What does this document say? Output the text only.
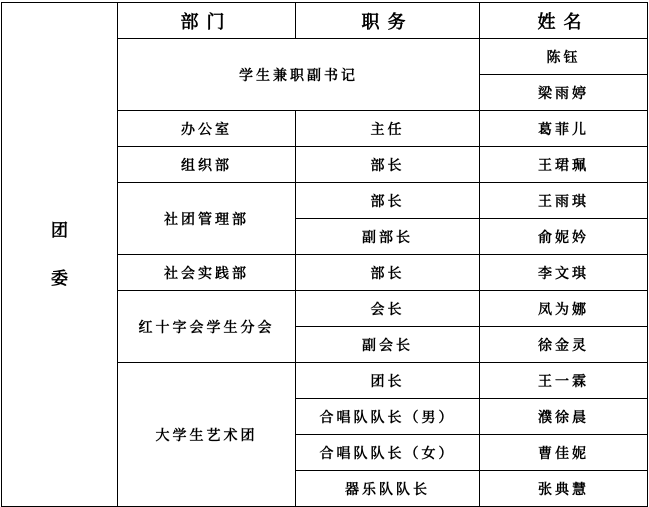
团委	部门	职务	姓名
	学生兼职副书记		陈钰
			梁雨婷
	办公室	主任	葛菲儿
	组织部	部长	王珺珮
	社团管理部	部长	王雨琪
		副部长	俞妮妗
	社会实践部	部长	李文琪
	红十字会学生分会	会长	凤为娜
		副会长	徐金灵
	大学生艺术团	团长	王一霖
		合唱队队长（男）	濮徐晨
		合唱队队长（女）	曹佳妮
		器乐队队长	张典慧
